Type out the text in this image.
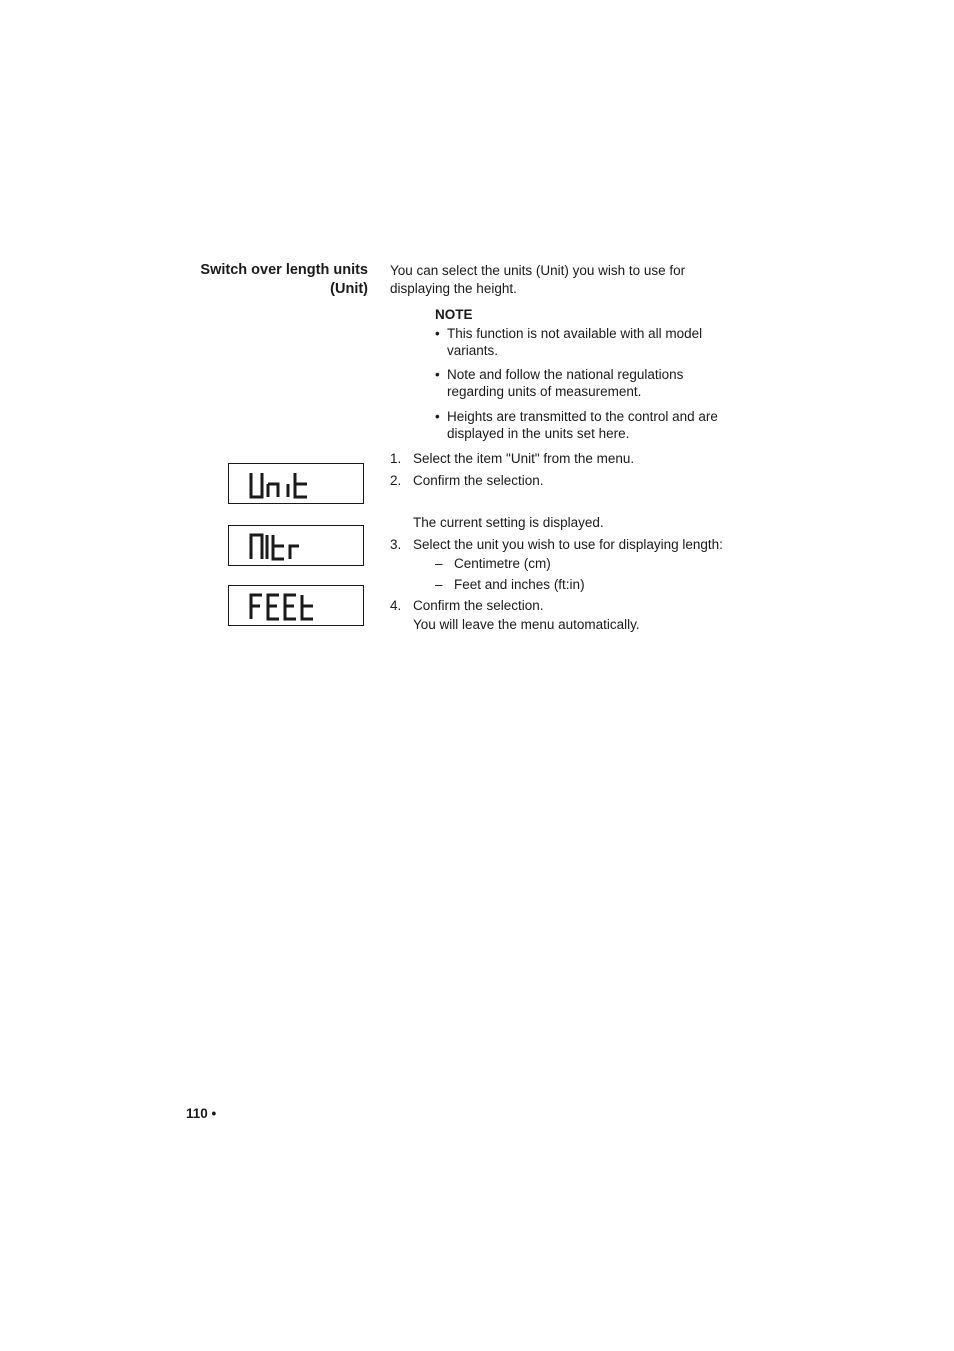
Switch over length units
(Unit)
You can select the units (Unit) you wish to use for
displaying the height.
NOTE
• This function is not available with all model
variants.
• Note and follow the national regulations
regarding units of measurement.
• Heights are transmitted to the control and are
displayed in the units set here.
1. Select the item "Unit" from the menu.
2. Confirm the selection.
The current setting is displayed.
3. Select the unit you wish to use for displaying length:
– Centimetre (cm)
– Feet and inches (ft:in)
4. Confirm the selection.
You will leave the menu automatically.
110 •
